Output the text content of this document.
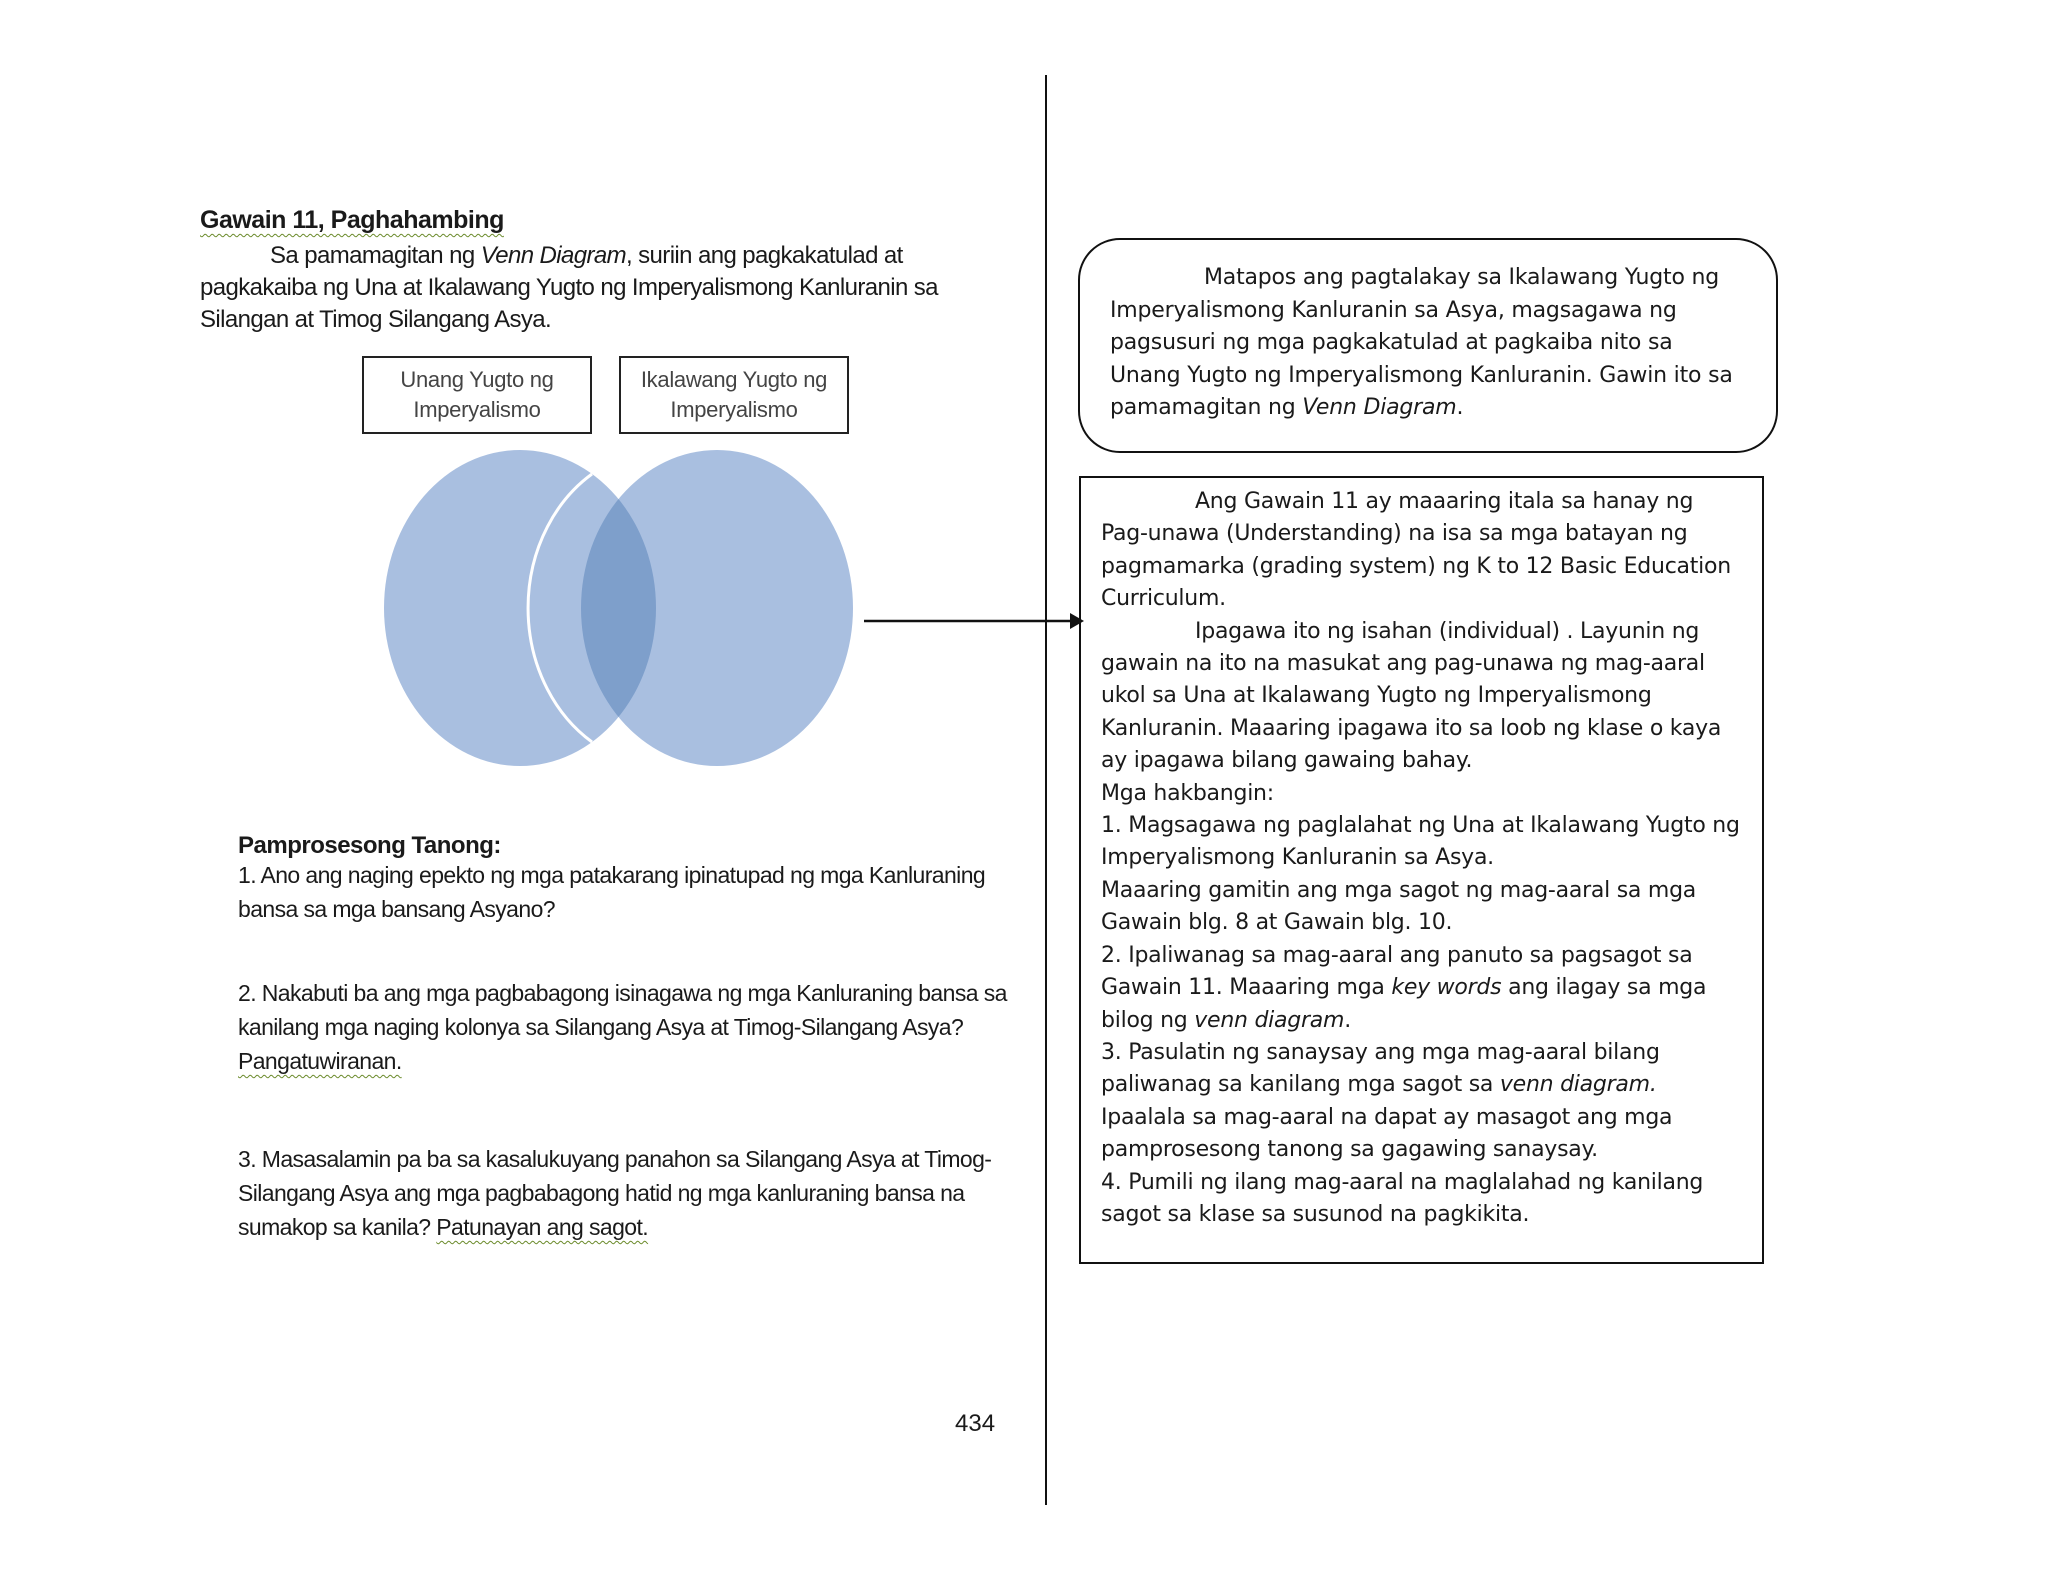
Gawain 11, Paghahambing
Sa pamamagitan ng Venn Diagram, suriin ang pagkakatulad at pagkakaiba ng Una at Ikalawang Yugto ng Imperyalismong Kanluranin sa Silangan at Timog Silangang Asya.
Unang Yugto ng
Imperyalismo
Ikalawang Yugto ng
Imperyalismo
Pamprosesong Tanong:
1. Ano ang naging epekto ng mga patakarang ipinatupad ng mga Kanluraning bansa sa mga bansang Asyano?
2. Nakabuti ba ang mga pagbabagong isinagawa ng mga Kanluraning bansa sa kanilang mga naging kolonya sa Silangang Asya at Timog-Silangang Asya?
Pangatuwiranan.
3. Masasalamin pa ba sa kasalukuyang panahon sa Silangang Asya at Timog-Silangang Asya ang mga pagbabagong hatid ng mga kanluraning bansa na sumakop sa kanila? Patunayan ang sagot.
434
Matapos ang pagtalakay sa Ikalawang Yugto ng Imperyalismong Kanluranin sa Asya, magsagawa ng pagsusuri ng mga pagkakatulad at pagkaiba nito sa Unang Yugto ng Imperyalismong Kanluranin. Gawin ito sa pamamagitan ng Venn Diagram.

Ang Gawain 11 ay maaaring itala sa hanay ng Pag-unawa (Understanding) na isa sa mga batayan ng pagmamarka (grading system) ng K to 12 Basic Education Curriculum.

Ipagawa ito ng isahan (individual) . Layunin ng gawain na ito na masukat ang pag-unawa ng mag-aaral ukol sa Una at Ikalawang Yugto ng Imperyalismong Kanluranin. Maaaring ipagawa ito sa loob ng klase o kaya ay ipagawa bilang gawaing bahay.

Mga hakbangin:

1. Magsagawa ng paglalahat ng Una at Ikalawang Yugto ng Imperyalismong Kanluranin sa Asya.

Maaaring gamitin ang mga sagot ng mag-aaral sa mga Gawain blg. 8 at Gawain blg. 10.

2. Ipaliwanag sa mag-aaral ang panuto sa pagsagot sa Gawain 11. Maaaring mga key words ang ilagay sa mga bilog ng venn diagram.

3. Pasulatin ng sanaysay ang mga mag-aaral bilang paliwanag sa kanilang mga sagot sa venn diagram. Ipaalala sa mag-aaral na dapat ay masagot ang mga pamprosesong tanong sa gagawing sanaysay.

4. Pumili ng ilang mag-aaral na maglalahad ng kanilang sagot sa klase sa susunod na pagkikita.
